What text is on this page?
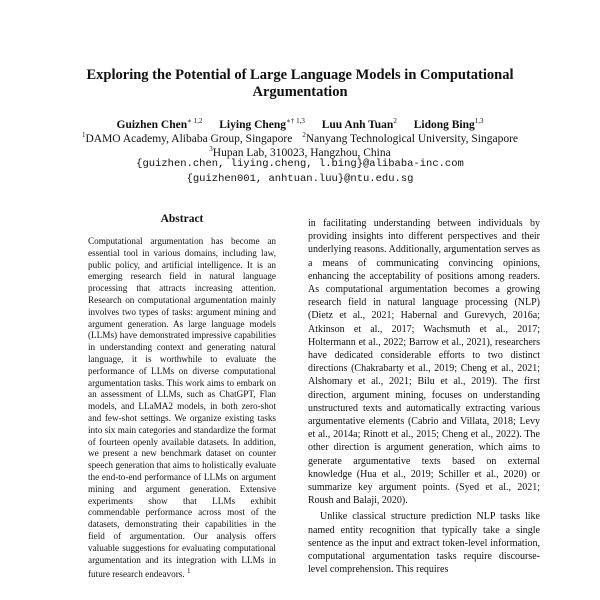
Exploring the Potential of Large Language Models in Computational Argumentation
Guizhen Chen$^{∗ 1,2}$ Liying Cheng$^{∗\dagger 1,3}$ Luu Anh Tuan$^2$ Lidong Bing$^{1,3}$
$^1$DAMO Academy, Alibaba Group, Singapore $^2$Nanyang Technological University, Singapore
$^3$Hupan Lab, 310023, Hangzhou, China
{guizhen.chen, liying.cheng, l.bing}@alibaba-inc.com
{guizhen001, anhtuan.luu}@ntu.edu.sg
Abstract
Computational argumentation has become an essential tool in various domains, including law, public policy, and artificial intelligence. It is an emerging research field in natural language processing that attracts increasing attention. Research on computational argumentation mainly involves two types of tasks: argument mining and argument generation. As large language models (LLMs) have demonstrated impressive capabilities in understanding context and generating natural language, it is worthwhile to evaluate the performance of LLMs on diverse computational argumentation tasks. This work aims to embark on an assessment of LLMs, such as ChatGPT, Flan models, and LLaMA2 models, in both zero-shot and few-shot settings. We organize existing tasks into six main categories and standardize the format of fourteen openly available datasets. In addition, we present a new benchmark dataset on counter speech generation that aims to holistically evaluate the end-to-end performance of LLMs on argument mining and argument generation. Extensive experiments show that LLMs exhibit commendable performance across most of the datasets, demonstrating their capabilities in the field of argumentation. Our analysis offers valuable suggestions for evaluating computational argumentation and its integration with LLMs in future research endeavors. $^1$

in facilitating understanding between individuals by providing insights into different perspectives and their underlying reasons. Additionally, argumentation serves as a means of communicating convincing opinions, enhancing the acceptability of positions among readers. As computational argumentation becomes a growing research field in natural language processing (NLP) (Dietz et al., 2021; Habernal and Gurevych, 2016a; Atkinson et al., 2017; Wachsmuth et al., 2017; Holtermann et al., 2022; Barrow et al., 2021), researchers have dedicated considerable efforts to two distinct directions (Chakrabarty et al., 2019; Cheng et al., 2021; Alshomary et al., 2021; Bilu et al., 2019). The first direction, argument mining, focuses on understanding unstructured texts and automatically extracting various argumentative elements (Cabrio and Villata, 2018; Levy et al., 2014a; Rinott et al., 2015; Cheng et al., 2022). The other direction is argument generation, which aims to generate argumentative texts based on external knowledge (Hua et al., 2019; Schiller et al., 2020) or summarize key argument points. (Syed et al., 2021; Roush and Balaji, 2020).

Unlike classical structure prediction NLP tasks like named entity recognition that typically take a single sentence as the input and extract token-level information, computational argumentation tasks require discourse-level comprehension. This requires
